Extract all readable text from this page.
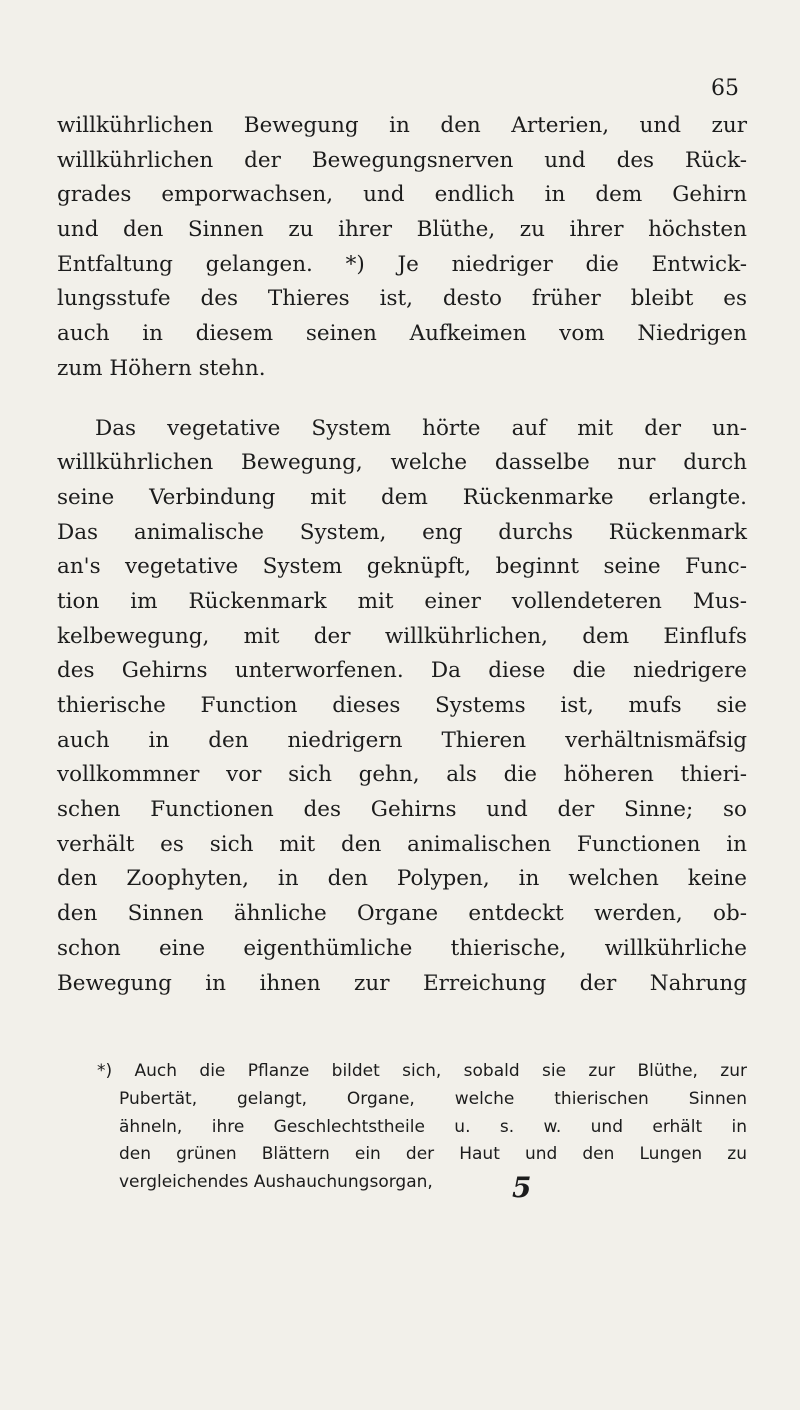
65
willkührlichen Bewegung in den Arterien, und zur
willkührlichen der Bewegungsnerven und des Rück-
grades emporwachsen, und endlich in dem Gehirn
und den Sinnen zu ihrer Blüthe, zu ihrer höchsten
Entfaltung gelangen. *) Je niedriger die Entwick-
lungsstufe des Thieres ist, desto früher bleibt es
auch in diesem seinen Aufkeimen vom Niedrigen
zum Höhern stehn.
Das vegetative System hörte auf mit der un-
willkührlichen Bewegung, welche dasselbe nur durch
seine Verbindung mit dem Rückenmarke erlangte.
Das animalische System, eng durchs Rückenmark
an's vegetative System geknüpft, beginnt seine Func-
tion im Rückenmark mit einer vollendeteren Mus-
kelbewegung, mit der willkührlichen, dem Einflufs
des Gehirns unterworfenen. Da diese die niedrigere
thierische Function dieses Systems ist, mufs sie
auch in den niedrigern Thieren verhältnismäfsig
vollkommner vor sich gehn, als die höheren thieri-
schen Functionen des Gehirns und der Sinne; so
verhält es sich mit den animalischen Functionen in
den Zoophyten, in den Polypen, in welchen keine
den Sinnen ähnliche Organe entdeckt werden, ob-
schon eine eigenthümliche thierische, willkührliche
Bewegung in ihnen zur Erreichung der Nahrung
*) Auch die Pflanze bildet sich, sobald sie zur Blüthe, zur
Pubertät, gelangt, Organe, welche thierischen Sinnen
ähneln, ihre Geschlechtstheile u. s. w. und erhält in
den grünen Blättern ein der Haut und den Lungen zu
vergleichendes Aushauchungsorgan,	5
